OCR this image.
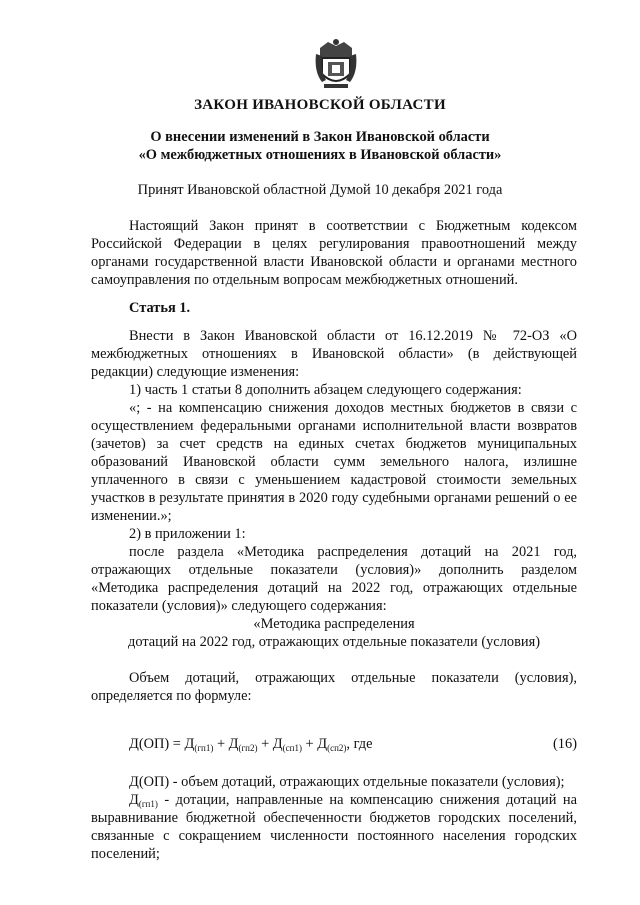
ЗАКОН ИВАНОВСКОЙ ОБЛАСТИ
О внесении изменений в Закон Ивановской области
«О межбюджетных отношениях в Ивановской области»
Принят Ивановской областной Думой 10 декабря 2021 года

Настоящий Закон принят в соответствии с Бюджетным кодексом Российской Федерации в целях регулирования правоотношений между органами государственной власти Ивановской области и органами местного самоуправления по отдельным вопросам межбюджетных отношений.

Статья 1.

Внести в Закон Ивановской области от 16.12.2019 № 72-ОЗ «О межбюджетных отношениях в Ивановской области» (в действующей редакции) следующие изменения:

1) часть 1 статьи 8 дополнить абзацем следующего содержания:

«; - на компенсацию снижения доходов местных бюджетов в связи с осуществлением федеральными органами исполнительной власти возвратов (зачетов) за счет средств на единых счетах бюджетов муниципальных образований Ивановской области сумм земельного налога, излишне уплаченного в связи с уменьшением кадастровой стоимости земельных участков в результате принятия в 2020 году судебными органами решений о ее изменении.»;

2) в приложении 1:

после раздела «Методика распределения дотаций на 2021 год, отражающих отдельные показатели (условия)» дополнить разделом «Методика распределения дотаций на 2022 год, отражающих отдельные показатели (условия)» следующего содержания:

«Методика распределения

дотаций на 2022 год, отражающих отдельные показатели (условия)

Объем дотаций, отражающих отдельные показатели (условия), определяется по формуле:

$Д(ОП) = Д_{(гп1)} + Д_{(гп2)} + Д_{(сп1)} + Д_{(сп2)}$, где	(16)

Д(ОП) - объем дотаций, отражающих отдельные показатели (условия);

$Д_{(гп1)}$ - дотации, направленные на компенсацию снижения дотаций на выравнивание бюджетной обеспеченности бюджетов городских поселений, связанные с сокращением численности постоянного населения городских поселений;
